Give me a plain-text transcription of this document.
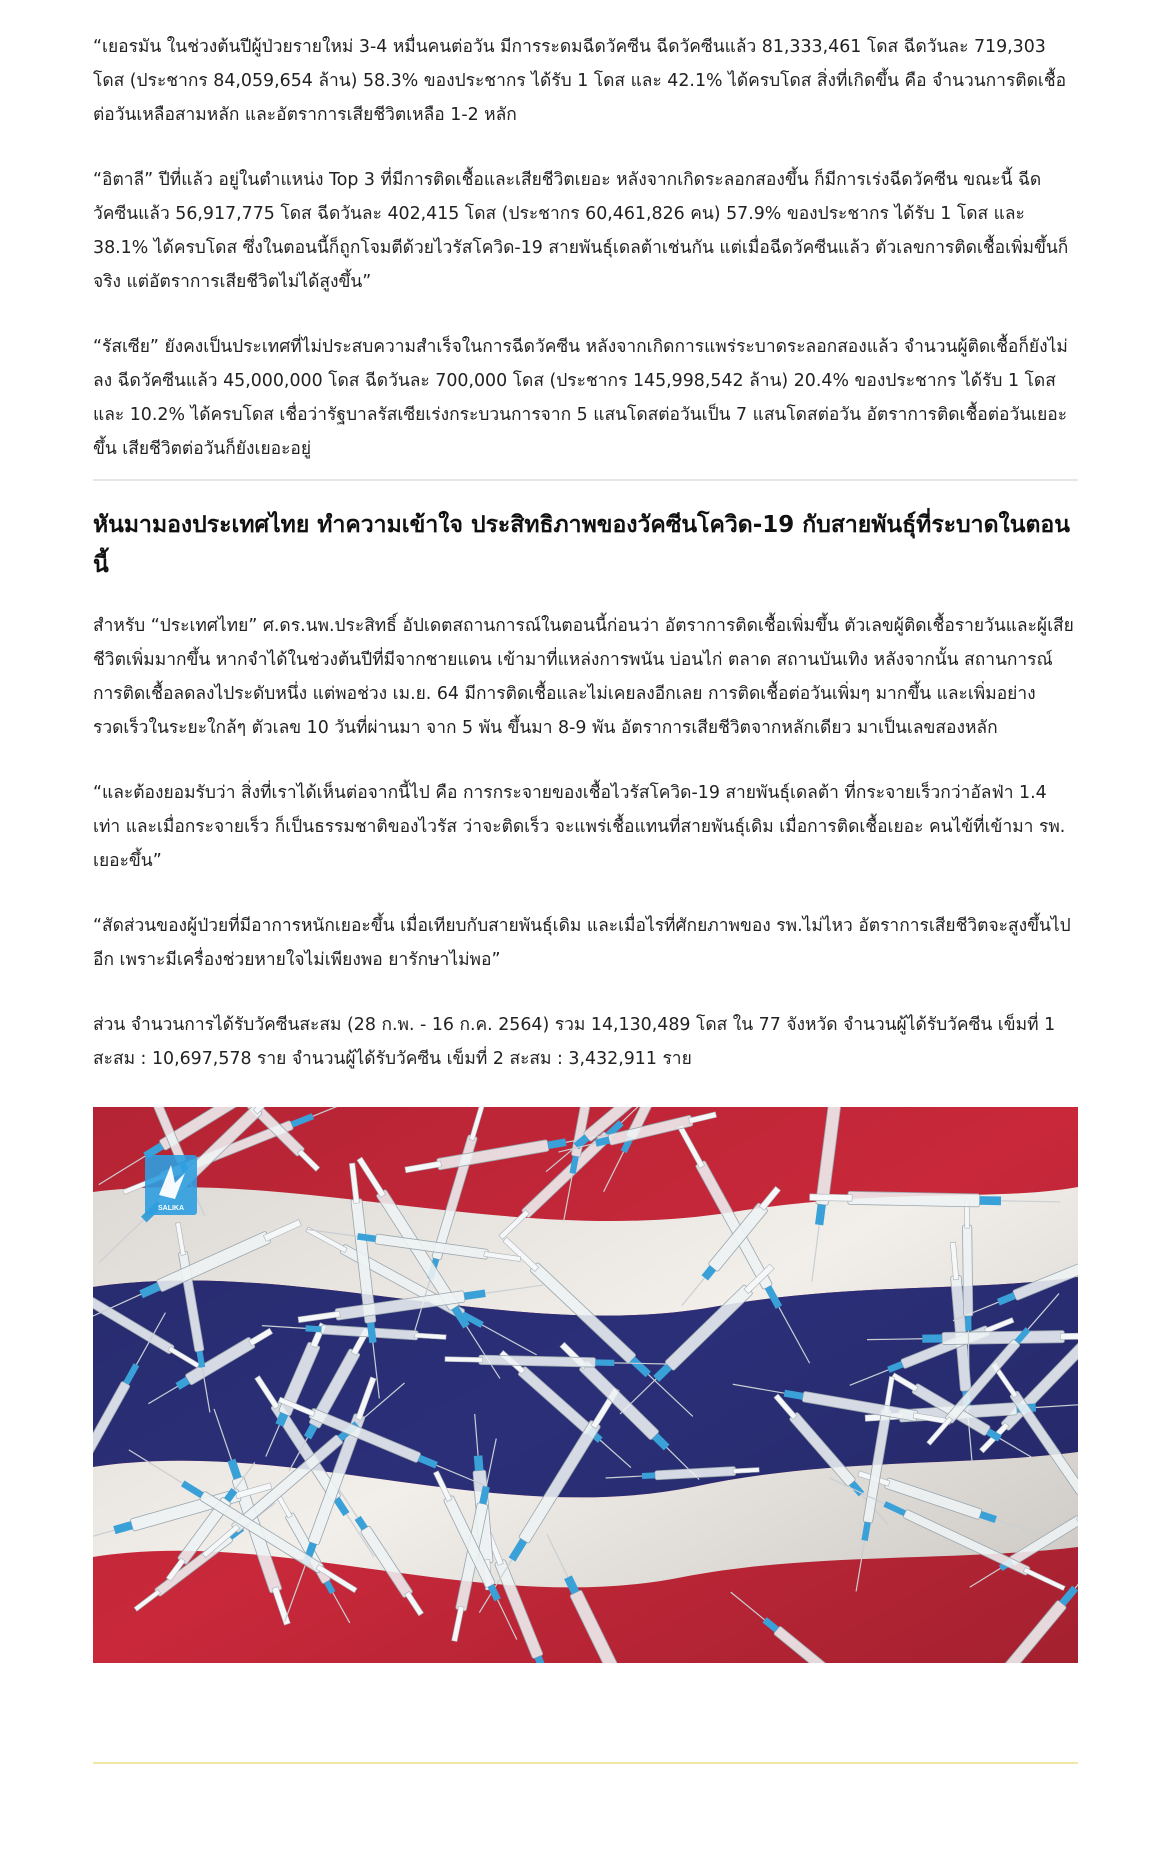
“เยอรมัน ในช่วงต้นปีผู้ป่วยรายใหม่ 3-4 หมื่นคนต่อวัน มีการระดมฉีดวัคซีน ฉีดวัคซีนแล้ว 81,333,461 โดส ฉีดวันละ 719,303 โดส (ประชากร 84,059,654 ล้าน) 58.3% ของประชากร ได้รับ 1 โดส และ 42.1% ได้ครบโดส สิ่งที่เกิดขึ้น คือ จำนวนการติดเชื้อต่อวันเหลือสามหลัก และอัตราการเสียชีวิตเหลือ 1-2 หลัก

“อิตาลี” ปีที่แล้ว อยู่ในตำแหน่ง Top 3 ที่มีการติดเชื้อและเสียชีวิตเยอะ หลังจากเกิดระลอกสองขึ้น ก็มีการเร่งฉีดวัคซีน ขณะนี้ ฉีดวัคซีนแล้ว 56,917,775 โดส ฉีดวันละ 402,415 โดส (ประชากร 60,461,826 คน) 57.9% ของประชากร ได้รับ 1 โดส และ 38.1% ได้ครบโดส ซึ่งในตอนนี้ก็ถูกโจมตีด้วยไวรัสโควิด-19 สายพันธุ์เดลต้าเช่นกัน แต่เมื่อฉีดวัคซีนแล้ว ตัวเลขการติดเชื้อเพิ่มขึ้นก็จริง แต่อัตราการเสียชีวิตไม่ได้สูงขึ้น”

“รัสเซีย” ยังคงเป็นประเทศที่ไม่ประสบความสำเร็จในการฉีดวัคซีน หลังจากเกิดการแพร่ระบาดระลอกสองแล้ว จำนวนผู้ติดเชื้อก็ยังไม่ลง ฉีดวัคซีนแล้ว 45,000,000 โดส ฉีดวันละ 700,000 โดส (ประชากร 145,998,542 ล้าน) 20.4% ของประชากร ได้รับ 1 โดส และ 10.2% ได้ครบโดส เชื่อว่ารัฐบาลรัสเซียเร่งกระบวนการจาก 5 แสนโดสต่อวันเป็น 7 แสนโดสต่อวัน อัตราการติดเชื้อต่อวันเยอะขึ้น เสียชีวิตต่อวันก็ยังเยอะอยู่

หันมามองประเทศไทย ทำความเข้าใจ ประสิทธิภาพของวัคซีนโควิด-19 กับสายพันธุ์ที่ระบาดในตอนนี้

สำหรับ “ประเทศไทย” ศ.ดร.นพ.ประสิทธิ์ อัปเดตสถานการณ์ในตอนนี้ก่อนว่า อัตราการติดเชื้อเพิ่มขึ้น ตัวเลขผู้ติดเชื้อรายวันและผู้เสียชีวิตเพิ่มมากขึ้น หากจำได้ในช่วงต้นปีที่มีจากชายแดน เข้ามาที่แหล่งการพนัน บ่อนไก่ ตลาด สถานบันเทิง หลังจากนั้น สถานการณ์การติดเชื้อลดลงไประดับหนึ่ง แต่พอช่วง เม.ย. 64 มีการติดเชื้อและไม่เคยลงอีกเลย การติดเชื้อต่อวันเพิ่มๆ มากขึ้น และเพิ่มอย่างรวดเร็วในระยะใกล้ๆ ตัวเลข 10 วันที่ผ่านมา จาก 5 พัน ขึ้นมา 8-9 พัน อัตราการเสียชีวิตจากหลักเดียว มาเป็นเลขสองหลัก

“และต้องยอมรับว่า สิ่งที่เราได้เห็นต่อจากนี้ไป คือ การกระจายของเชื้อไวรัสโควิด-19 สายพันธุ์เดลต้า ที่กระจายเร็วกว่าอัลฟ่า 1.4 เท่า และเมื่อกระจายเร็ว ก็เป็นธรรมชาติของไวรัส ว่าจะติดเร็ว จะแพร่เชื้อแทนที่สายพันธุ์เดิม เมื่อการติดเชื้อเยอะ คนไข้ที่เข้ามา รพ. เยอะขึ้น”

“สัดส่วนของผู้ป่วยที่มีอาการหนักเยอะขึ้น เมื่อเทียบกับสายพันธุ์เดิม และเมื่อไรที่ศักยภาพของ รพ.ไม่ไหว อัตราการเสียชีวิตจะสูงขึ้นไปอีก เพราะมีเครื่องช่วยหายใจไม่เพียงพอ ยารักษาไม่พอ”

ส่วน จำนวนการได้รับวัคซีนสะสม (28 ก.พ. - 16 ก.ค. 2564) รวม 14,130,489 โดส ใน 77 จังหวัด จำนวนผู้ได้รับวัคซีน เข็มที่ 1 สะสม : 10,697,578 ราย จำนวนผู้ได้รับวัคซีน เข็มที่ 2 สะสม : 3,432,911 ราย

SALIKA
